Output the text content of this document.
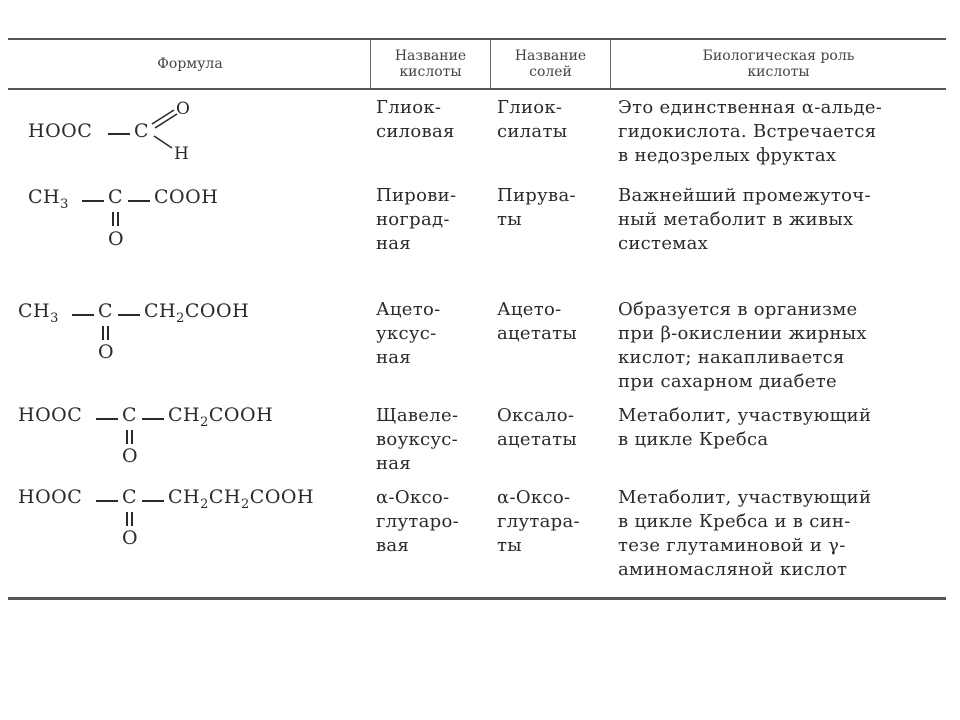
Формула	Название
кислоты
Название
солей
Биологическая роль
кислоты
HOOC C
O
H
Глиок-
силовая
Глиок-
силаты
Это единственная α-альде-
гидокислота. Встречается
в недозрелых фруктах
$CH_3$ C COOH
O
Пирови-
ноград-
ная
Пирува-
ты
Важнейший промежуточ-
ный метаболит в живых
системах
$CH_3$ C $CH_2COOH$
O
Ацето-
уксус-
ная
Ацето-
ацетаты
Образуется в организме
при β-окислении жирных
кислот; накапливается
при сахарном диабете
HOOC C $CH_2COOH$
O
Щавеле-
воуксус-
ная
Оксало-
ацетаты
Метаболит, участвующий
в цикле Кребса
HOOC C $CH_2CH_2COOH$
O
α-Оксо-
глутаро-
вая
α-Оксо-
глутара-
ты
Метаболит, участвующий
в цикле Кребса и в син-
тезе глутаминовой и γ-
аминомасляной кислот
